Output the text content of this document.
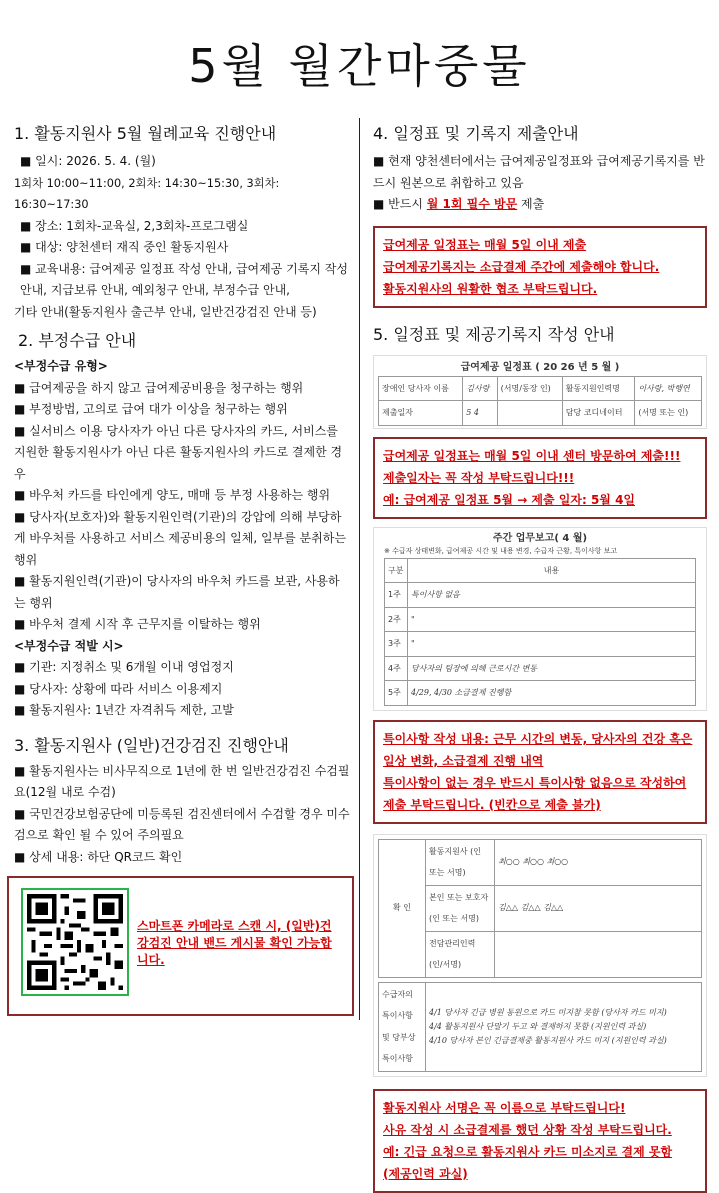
5월 월간마중물
1. 활동지원사 5월 월례교육 진행안내

■ 일시: 2026. 5. 4. (월)

1회차 10:00~11:00, 2회차: 14:30~15:30, 3회차: 16:30~17:30

■ 장소: 1회차-교육실, 2,3회차-프로그램실

■ 대상: 양천센터 재직 중인 활동지원사

■ 교육내용: 급여제공 일정표 작성 안내, 급여제공 기록지 작성 안내, 지급보류 안내, 예외청구 안내, 부정수급 안내,

기타 안내(활동지원사 출근부 안내, 일반건강검진 안내 등)

2. 부정수급 안내

<부정수급 유형>

■ 급여제공을 하지 않고 급여제공비용을 청구하는 행위

■ 부정방법, 고의로 급여 대가 이상을 청구하는 행위

■ 실서비스 이용 당사자가 아닌 다른 당사자의 카드, 서비스를 지원한 활동지원사가 아닌 다른 활동지원사의 카드로 결제한 경우

■ 바우처 카드를 타인에게 양도, 매매 등 부정 사용하는 행위

■ 당사자(보호자)와 활동지원인력(기관)의 강압에 의해 부당하게 바우처를 사용하고 서비스 제공비용의 일체, 일부를 분취하는 행위

■ 활동지원인력(기관)이 당사자의 바우처 카드를 보관, 사용하는 행위

■ 바우처 결제 시작 후 근무지를 이탈하는 행위

<부정수급 적발 시>

■ 기관: 지정취소 및 6개월 이내 영업정지

■ 당사자: 상황에 따라 서비스 이용제지

■ 활동지원사: 1년간 자격취득 제한, 고발

3. 활동지원사 (일반)건강검진 진행안내

■ 활동지원사는 비사무직으로 1년에 한 번 일반건강검진 수검필요(12월 내로 수검)

■ 국민건강보험공단에 미등록된 검진센터에서 수검할 경우 미수검으로 확인 될 수 있어 주의필요

■ 상세 내용: 하단 QR코드 확인

스마트폰 카메라로 스캔 시, (일반)건강검진 안내 밴드 게시물 확인 가능합니다.
4. 일정표 및 기록지 제출안내

■ 현재 양천센터에서는 급여제공일정표와 급여제공기록지를 반드시 원본으로 취합하고 있음

■ 반드시 월 1회 필수 방문 제출

급여제공 일정표는 매월 5일 이내 제출

급여제공기록지는 소급결제 주간에 제출해야 합니다.

활동지원사의 원활한 협조 부탁드립니다.

5. 일정표 및 제공기록지 작성 안내
급여제공 일정표 ( 20 26 년 5 월 )
장애인 당사자 이름	김사랑	(서명/동장 인)	활동지원인력명	이사랑, 박행연
제출일자	5 4		담당 코디네이터	(서명 또는 인)

급여제공 일정표는 매월 5일 이내 센터 방문하여 제출!!!

제출일자는 꼭 작성 부탁드립니다!!!

예: 급여제공 일정표 5월 → 제출 일자: 5월 4일

주간 업무보고( 4 월)
※ 수급자 상태변화, 급여제공 시간 및 내용 변경, 수급자 근황, 특이사항 보고
구분	내용
1주	특이사항 없음
2주	"
3주	"
4주	당사자의 팀장에 의해 근로시간 변동
5주	4/29, 4/30 소급결제 진행함

특이사항 작성 내용: 근무 시간의 변동, 당사자의 건강 혹은 일상 변화, 소급결제 진행 내역

특이사항이 없는 경우 반드시 특이사항 없음으로 작성하여 제출 부탁드립니다. (빈칸으로 제출 불가)

확 인	활동지원사 (인 또는 서명)	최○○ 최○○ 최○○
	본인 또는 보호자 (인 또는 서명)	김△△ 김△△ 김△△
	전담관리인력 (인/서명)	
수급자의 특이사항 및 당부상 특이사항	
4/1 당사자 긴급 병원 동원으로 카드 미지참 못함 (당사자 카드 미지)
4/4 활동지원사 단말기 두고 와 결제하지 못함 (지원인력 과실)
4/10 당사자 본인 긴급결제중 활동지원사 카드 미지 (지원인력 과실)

활동지원사 서명은 꼭 이름으로 부탁드립니다!

사유 작성 시 소급결제를 했던 상황 작성 부탁드립니다.

예: 긴급 요청으로 활동지원사 카드 미소지로 결제 못함

(제공인력 과실)
